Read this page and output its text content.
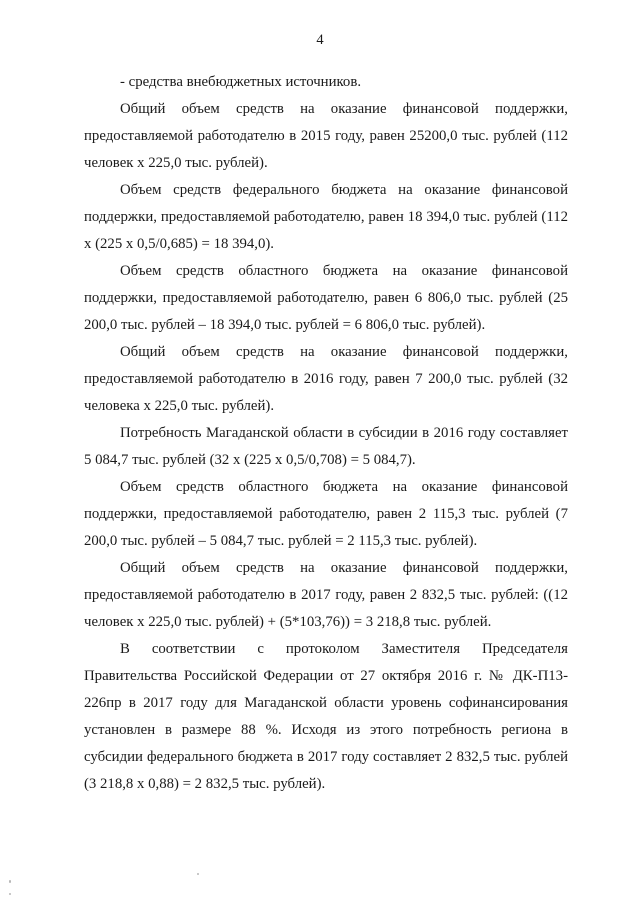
4

- средства внебюджетных источников.

Общий объем средств на оказание финансовой поддержки, предоставляемой работодателю в 2015 году, равен 25200,0 тыс. рублей (112 человек х 225,0 тыс. рублей).

Объем средств федерального бюджета на оказание финансовой поддержки, предоставляемой работодателю, равен 18 394,0 тыс. рублей (112 х (225 х 0,5/0,685) = 18 394,0).

Объем средств областного бюджета на оказание финансовой поддержки, предоставляемой работодателю, равен 6 806,0 тыс. рублей (25 200,0 тыс. рублей – 18 394,0 тыс. рублей = 6 806,0 тыс. рублей).

Общий объем средств на оказание финансовой поддержки, предоставляемой работодателю в 2016 году, равен 7 200,0 тыс. рублей (32 человека х 225,0 тыс. рублей).

Потребность Магаданской области в субсидии в 2016 году составляет 5 084,7 тыс. рублей (32 х (225 х 0,5/0,708) = 5 084,7).

Объем средств областного бюджета на оказание финансовой поддержки, предоставляемой работодателю, равен 2 115,3 тыс. рублей (7 200,0 тыс. рублей – 5 084,7 тыс. рублей = 2 115,3 тыс. рублей).

Общий объем средств на оказание финансовой поддержки, предоставляемой работодателю в 2017 году, равен 2 832,5 тыс. рублей: ((12 человек х 225,0 тыс. рублей) + (5*103,76)) = 3 218,8 тыс. рублей.

В соответствии с протоколом Заместителя Председателя Правительства Российской Федерации от 27 октября 2016 г. № ДК-П13-226пр в 2017 году для Магаданской области уровень софинансирования установлен в размере 88 %. Исходя из этого потребность региона в субсидии федерального бюджета в 2017 году составляет 2 832,5 тыс. рублей (3 218,8 х 0,88) = 2 832,5 тыс. рублей).
